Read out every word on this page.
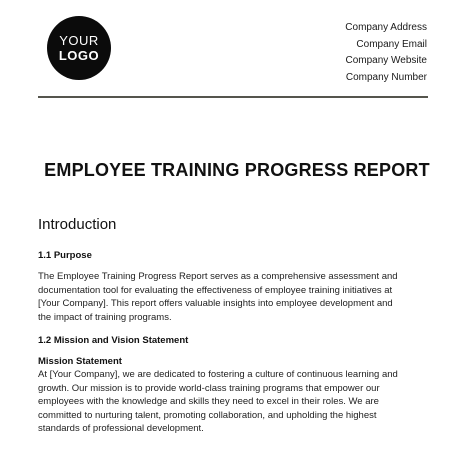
YOUR
LOGO
Company Address
Company Email
Company Website
Company Number
EMPLOYEE TRAINING PROGRESS REPORT
Introduction
1.1 Purpose
The Employee Training Progress Report serves as a comprehensive assessment and
documentation tool for evaluating the effectiveness of employee training initiatives at
[Your Company]. This report offers valuable insights into employee development and
the impact of training programs.
1.2 Mission and Vision Statement
Mission Statement
At [Your Company], we are dedicated to fostering a culture of continuous learning and
growth. Our mission is to provide world-class training programs that empower our
employees with the knowledge and skills they need to excel in their roles. We are
committed to nurturing talent, promoting collaboration, and upholding the highest
standards of professional development.
